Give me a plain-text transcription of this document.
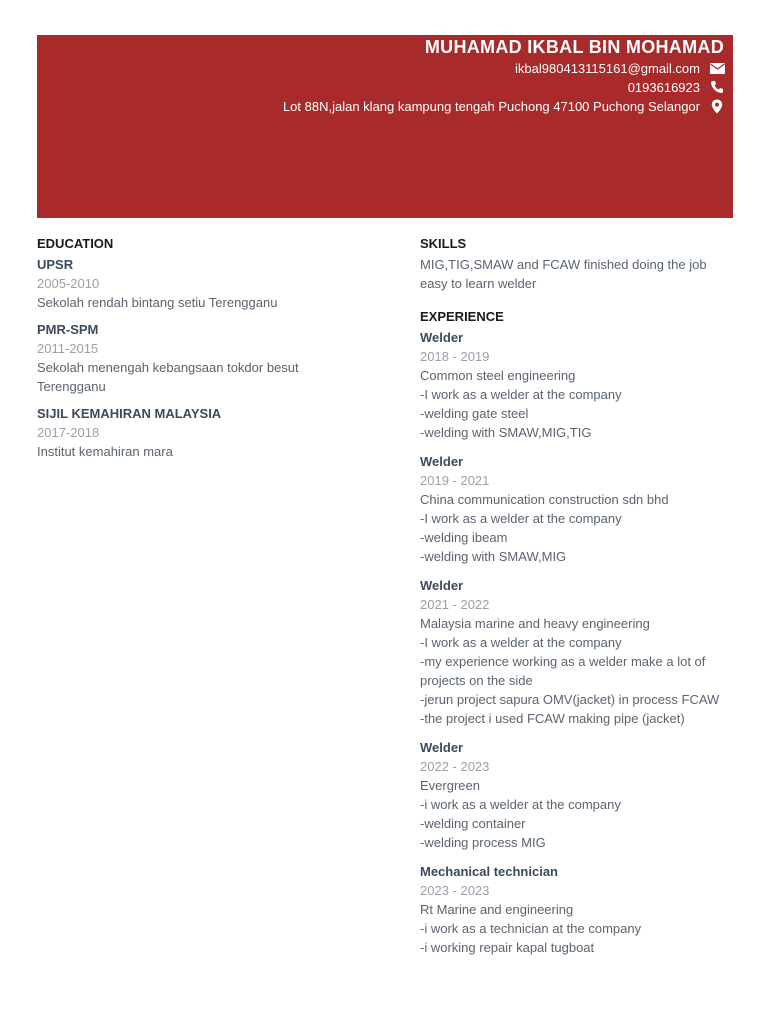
MUHAMAD IKBAL BIN MOHAMAD
ikbal980413115161@gmail.com
0193616923
Lot 88N,jalan klang kampung tengah Puchong 47100 Puchong Selangor
EDUCATION
UPSR
2005-2010
Sekolah rendah bintang setiu Terengganu
PMR-SPM
2011-2015
Sekolah menengah kebangsaan tokdor besut Terengganu
SIJIL KEMAHIRAN MALAYSIA
2017-2018
Institut kemahiran mara
SKILLS
MIG,TIG,SMAW and FCAW finished doing the job easy to learn welder
EXPERIENCE
Welder
2018 - 2019
Common steel engineering
-I work as a welder at the company
-welding gate steel
-welding with SMAW,MIG,TIG
Welder
2019 - 2021
China communication construction sdn bhd
-I work as a welder at the company
-welding ibeam
-welding with SMAW,MIG
Welder
2021 - 2022
Malaysia marine and heavy engineering
-I work as a welder at the company
-my experience working as a welder make a lot of projects on the side
-jerun project sapura OMV(jacket) in process FCAW
-the project i used FCAW making pipe (jacket)
Welder
2022 - 2023
Evergreen
-i work as a welder at the company
-welding container
-welding process MIG
Mechanical technician
2023 - 2023
Rt Marine and engineering
-i work as a technician at the company
-i working repair kapal tugboat
